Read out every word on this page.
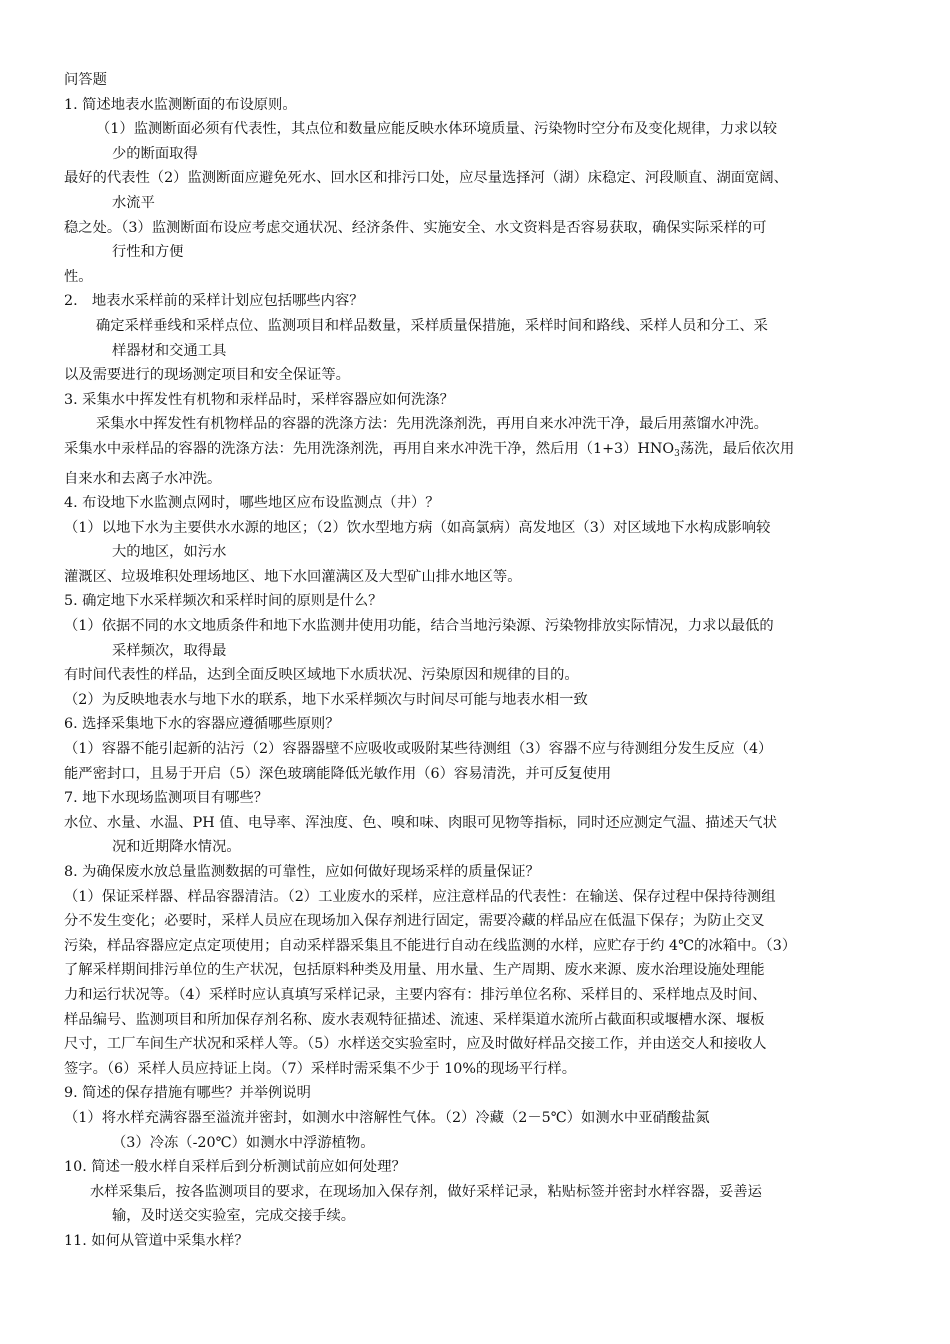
问答题
1. 简述地表水监测断面的布设原则。
（1）监测断面必须有代表性，其点位和数量应能反映水体环境质量、污染物时空分布及变化规律，力求以较
少的断面取得
最好的代表性（2）监测断面应避免死水、回水区和排污口处，应尽量选择河（湖）床稳定、河段顺直、湖面宽阔、
水流平
稳之处。（3）监测断面布设应考虑交通状况、经济条件、实施安全、水文资料是否容易获取，确保实际采样的可
行性和方便
性。
2.　地表水采样前的采样计划应包括哪些内容？
确定采样垂线和采样点位、监测项目和样品数量，采样质量保措施，采样时间和路线、采样人员和分工、采
样器材和交通工具
以及需要进行的现场测定项目和安全保证等。
3. 采集水中挥发性有机物和汞样品时，采样容器应如何洗涤？
采集水中挥发性有机物样品的容器的洗涤方法：先用洗涤剂洗，再用自来水冲洗干净，最后用蒸馏水冲洗。
采集水中汞样品的容器的洗涤方法：先用洗涤剂洗，再用自来水冲洗干净，然后用$(1+3)HNO_3$荡洗，最后依次用
自来水和去离子水冲洗。
4. 布设地下水监测点网时，哪些地区应布设监测点（井）？
（1）以地下水为主要供水水源的地区；（2）饮水型地方病（如高氯病）高发地区（3）对区域地下水构成影响较
大的地区，如污水
灌溉区、垃圾堆积处理场地区、地下水回灌满区及大型矿山排水地区等。
5. 确定地下水采样频次和采样时间的原则是什么？
（1）依据不同的水文地质条件和地下水监测井使用功能，结合当地污染源、污染物排放实际情况，力求以最低的
采样频次，取得最
有时间代表性的样品，达到全面反映区域地下水质状况、污染原因和规律的目的。
（2）为反映地表水与地下水的联系，地下水采样频次与时间尽可能与地表水相一致
6. 选择采集地下水的容器应遵循哪些原则？
（1）容器不能引起新的沾污（2）容器器壁不应吸收或吸附某些待测组（3）容器不应与待测组分发生反应（4）
能严密封口，且易于开启（5）深色玻璃能降低光敏作用（6）容易清洗，并可反复使用
7. 地下水现场监测项目有哪些？
水位、水量、水温、PH 值、电导率、浑浊度、色、嗅和味、肉眼可见物等指标，同时还应测定气温、描述天气状
况和近期降水情况。
8. 为确保废水放总量监测数据的可靠性，应如何做好现场采样的质量保证？
（1）保证采样器、样品容器清洁。（2）工业废水的采样，应注意样品的代表性：在输送、保存过程中保持待测组
分不发生变化；必要时，采样人员应在现场加入保存剂进行固定，需要冷藏的样品应在低温下保存；为防止交叉
污染，样品容器应定点定项使用；自动采样器采集且不能进行自动在线监测的水样，应贮存于约 4℃的冰箱中。（3）
了解采样期间排污单位的生产状况，包括原料种类及用量、用水量、生产周期、废水来源、废水治理设施处理能
力和运行状况等。（4）采样时应认真填写采样记录，主要内容有：排污单位名称、采样目的、采样地点及时间、
样品编号、监测项目和所加保存剂名称、废水表观特征描述、流速、采样渠道水流所占截面积或堰槽水深、堰板
尺寸，工厂车间生产状况和采样人等。（5）水样送交实验室时，应及时做好样品交接工作，并由送交人和接收人
签字。（6）采样人员应持证上岗。（7）采样时需采集不少于 10%的现场平行样。
9. 简述的保存措施有哪些？并举例说明
（1）将水样充满容器至溢流并密封，如测水中溶解性气体。（2）冷藏（2－5℃）如测水中亚硝酸盐氮
（3）冷冻（-20℃）如测水中浮游植物。
10. 简述一般水样自采样后到分析测试前应如何处理？
水样采集后，按各监测项目的要求，在现场加入保存剂，做好采样记录，粘贴标签并密封水样容器，妥善运
输，及时送交实验室，完成交接手续。
11. 如何从管道中采集水样？
